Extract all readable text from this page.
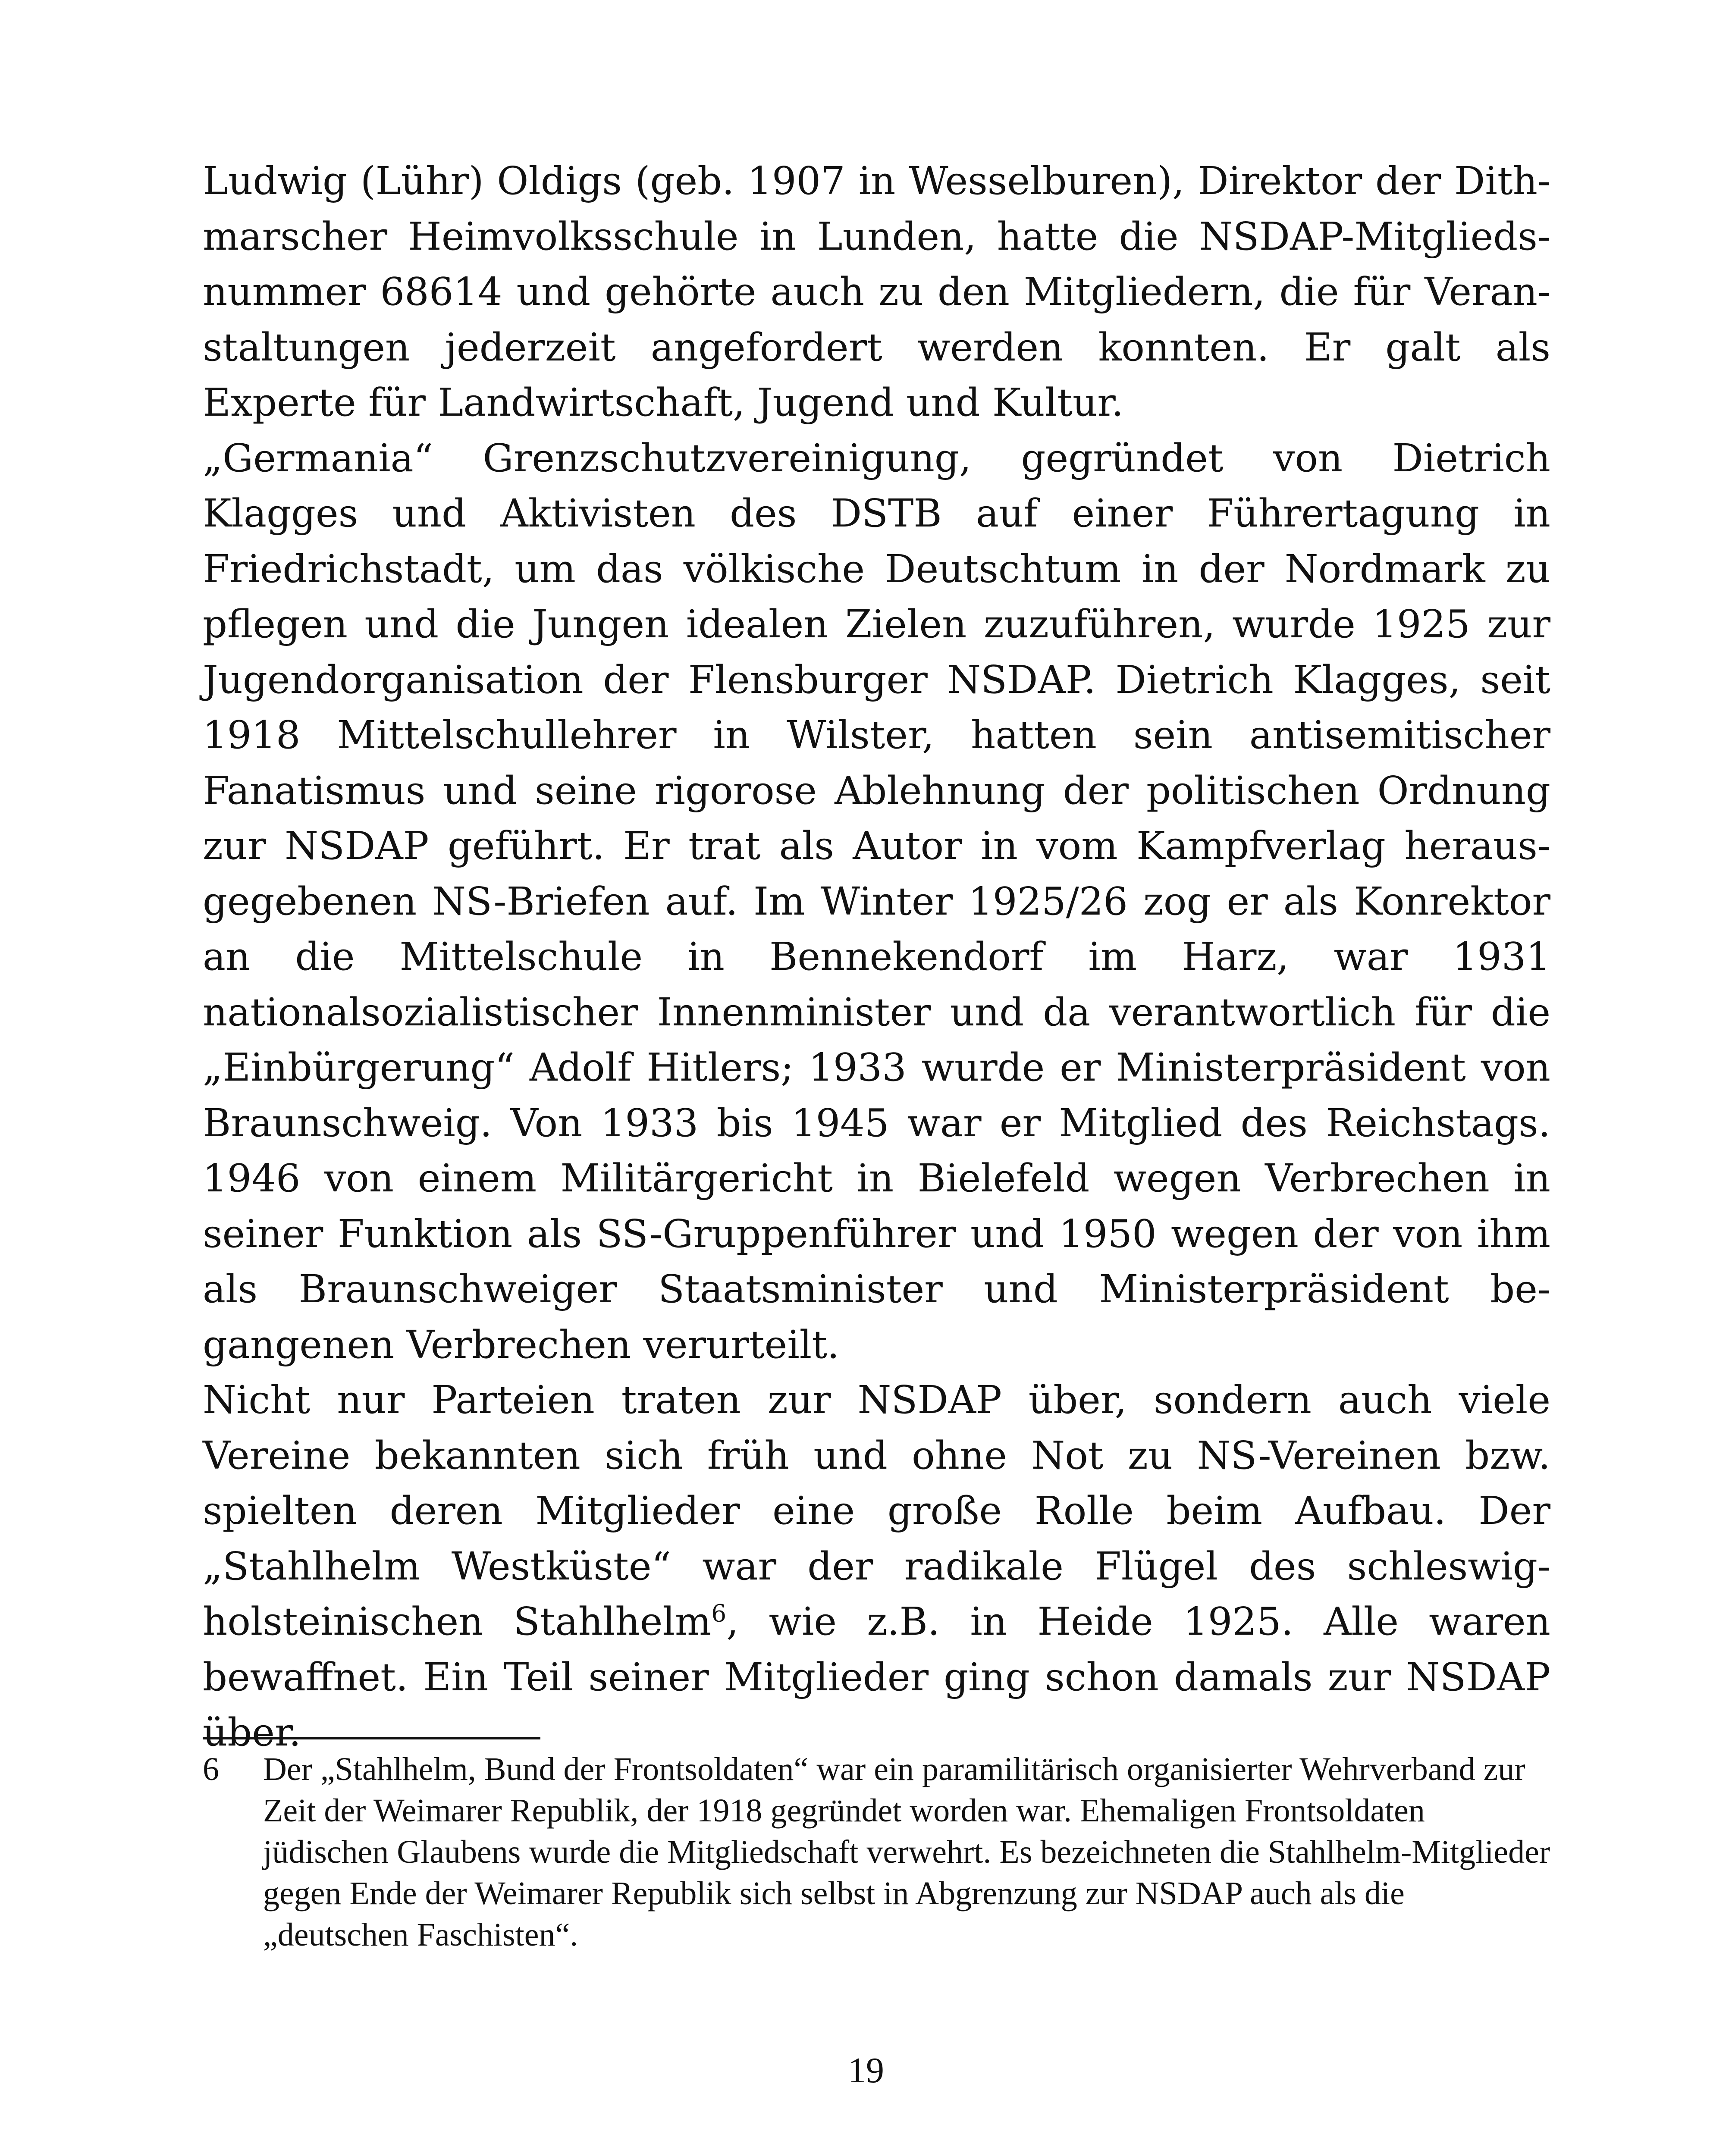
Ludwig (Lühr) Oldigs (geb. 1907 in Wesselburen), Direktor der Dithmarscher Heimvolksschule in Lunden, hatte die NSDAP-Mitgliedsnummer 68614 und gehörte auch zu den Mitgliedern, die für Veranstaltungen jederzeit angefordert werden konnten. Er galt als Experte für Landwirtschaft, Jugend und Kultur.

„Germania“ Grenzschutzvereinigung, gegründet von Dietrich Klagges und Aktivisten des DSTB auf einer Führertagung in Friedrichstadt, um das völkische Deutschtum in der Nordmark zu pflegen und die Jungen idealen Zielen zuzuführen, wurde 1925 zur Jugendorganisation der Flensburger NSDAP. Dietrich Klagges, seit 1918 Mittelschullehrer in Wilster, hatten sein antisemitischer Fanatismus und seine rigorose Ablehnung der politischen Ordnung zur NSDAP geführt. Er trat als Autor in vom Kampfverlag herausgegebenen NS-Briefen auf. Im Winter 1925/26 zog er als Konrektor an die Mittelschule in Bennekendorf im Harz, war 1931 nationalsozialistischer Innenminister und da verantwortlich für die „Einbürgerung“ Adolf Hitlers; 1933 wurde er Ministerpräsident von Braunschweig. Von 1933 bis 1945 war er Mitglied des Reichstags. 1946 von einem Militärgericht in Bielefeld wegen Verbrechen in seiner Funktion als SS-Gruppenführer und 1950 wegen der von ihm als Braunschweiger Staatsminister und Ministerpräsident begangenen Verbrechen verurteilt.

Nicht nur Parteien traten zur NSDAP über, sondern auch viele Vereine bekannten sich früh und ohne Not zu NS-Vereinen bzw. spielten deren Mitglieder eine große Rolle beim Aufbau. Der „Stahlhelm Westküste“ war der radikale Flügel des schleswig-holsteinischen Stahlhelm$^6$, wie z.B. in Heide 1925. Alle waren bewaffnet. Ein Teil seiner Mitglieder ging schon damals zur NSDAP über.

6 Der „Stahlhelm, Bund der Frontsoldaten“ war ein paramilitärisch organisierter Wehrverband zur Zeit der Weimarer Republik, der 1918 gegründet worden war. Ehemaligen Frontsoldaten jüdischen Glaubens wurde die Mitgliedschaft verwehrt. Es bezeichneten die Stahlhelm-Mitglieder gegen Ende der Weimarer Republik sich selbst in Abgrenzung zur NSDAP auch als die „deutschen Faschisten“.
19
